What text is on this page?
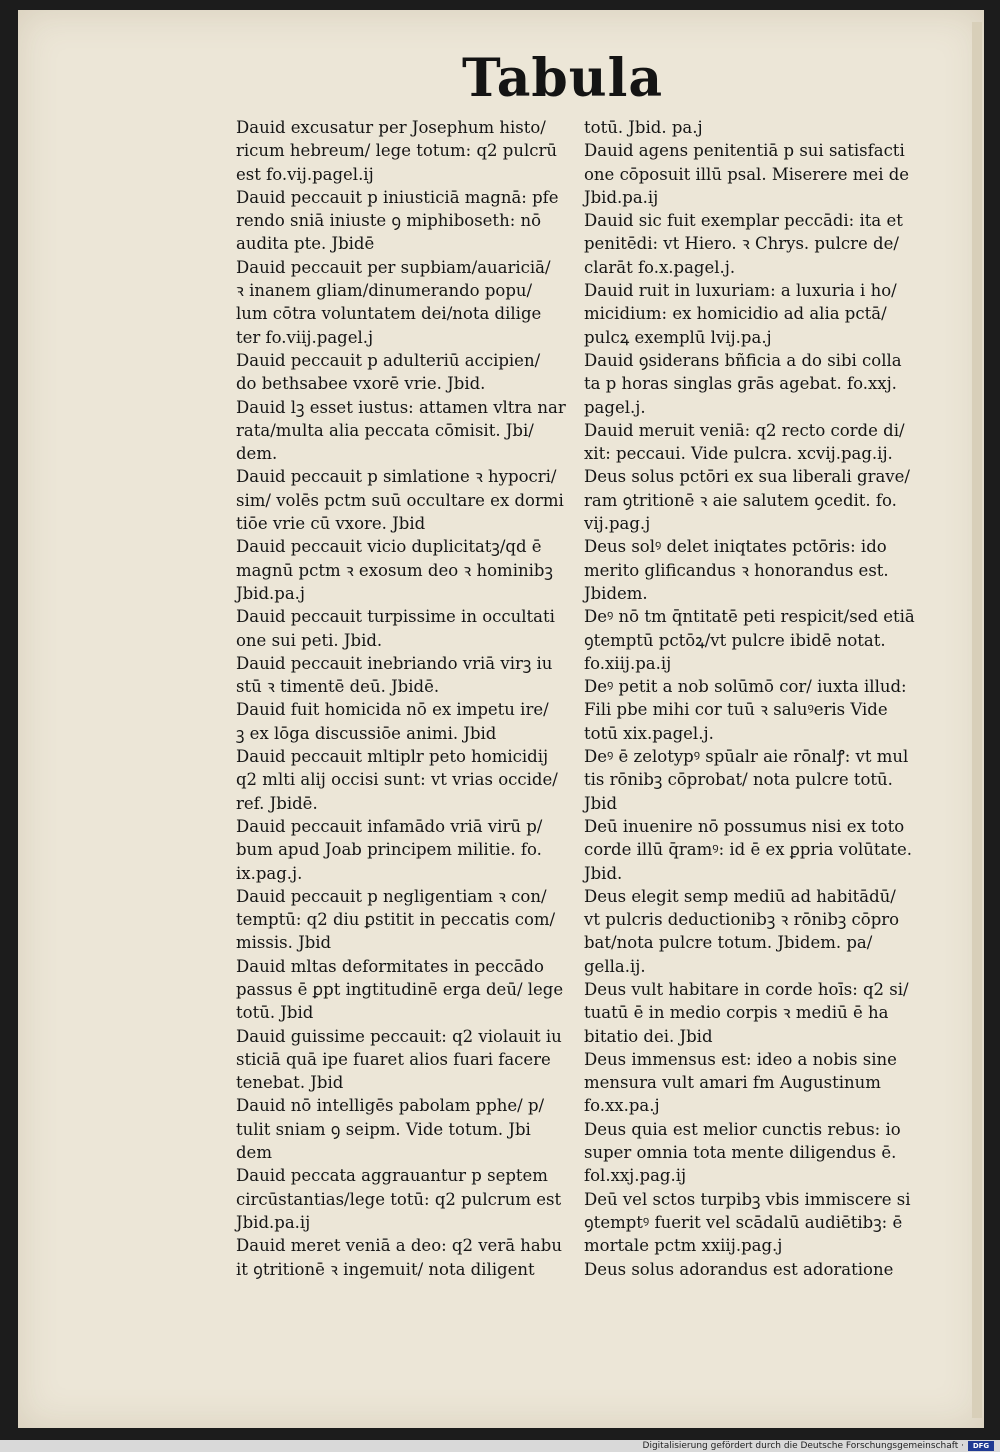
Tabula
Dauid excusatur per Josephum histo/
ricum hebreum/ lege totum: q2 pulcrū
est fo.vij.pagel.ij
Dauid peccauit p iniusticiā magnā: pfe
rendo sniā iniuste ꝯ miphiboseth: nō
audita pte. Jbidē
Dauid peccauit per supbiam/auariciā/
ꝛ inanem gliam/dinumerando popu/
lum cōtra voluntatem dei/nota dilige
ter fo.viij.pagel.j
Dauid peccauit p adulteriū accipien/
do bethsabee vxorē vrie. Jbid.
Dauid lꝫ esset iustus: attamen vltra nar
rata/multa alia peccata cōmisit. Jbi/
dem.
Dauid peccauit p simlatione ꝛ hypocri/
sim/ volēs pctm suū occultare ex dormi
tiōe vrie cū vxore. Jbid
Dauid peccauit vicio duplicitatꝫ/qd ē
magnū pctm ꝛ exosum deo ꝛ hominibꝫ
Jbid.pa.j
Dauid peccauit turpissime in occultati
one sui peti. Jbid.
Dauid peccauit inebriando vriā virꝫ iu
stū ꝛ timentē deū. Jbidē.
Dauid fuit homicida nō ex impetu ire/
ꝫ ex lōga discussiōe animi. Jbid
Dauid peccauit mltiplr peto homicidij
q2 mlti alij occisi sunt: vt vrias occide/
ref. Jbidē.
Dauid peccauit infamādo vriā virū p/
bum apud Joab principem militie. fo.
ix.pag.j.
Dauid peccauit p negligentiam ꝛ con/
temptū: q2 diu ꝑstitit in peccatis com/
missis. Jbid
Dauid mltas deformitates in peccādo
passus ē ꝑpt ingtitudinē erga deū/ lege
totū. Jbid
Dauid guissime peccauit: q2 violauit iu
sticiā quā ipe fuaret alios fuari facere
tenebat. Jbid
Dauid nō intelligēs pabolam pphe/ p/
tulit sniam ꝯ seipm. Vide totum. Jbi
dem
Dauid peccata aggrauantur p septem
circūstantias/lege totū: q2 pulcrum est
Jbid.pa.ij
Dauid meret veniā a deo: q2 verā habu
it ꝯtritionē ꝛ ingemuit/ nota diligent
totū. Jbid. pa.j
Dauid agens penitentiā p sui satisfacti
one cōposuit illū psal. Miserere mei de
Jbid.pa.ij
Dauid sic fuit exemplar peccādi: ita et
penitēdi: vt Hiero. ꝛ Chrys. pulcre de/
clarāt fo.x.pagel.j.
Dauid ruit in luxuriam: a luxuria i ho/
micidium: ex homicidio ad alia pctā/
pulcꝝ exemplū lvij.pa.j
Dauid ꝯsiderans bñficia a do sibi colla
ta p horas singlas grās agebat. fo.xxj.
pagel.j.
Dauid meruit veniā: q2 recto corde di/
xit: peccaui. Vide pulcra. xcvij.pag.ij.
Deus solus pctōri ex sua liberali grave/
ram ꝯtritionē ꝛ aie salutem ꝯcedit. fo.
vij.pag.j
Deus solꝰ delet iniqtates pctōris: ido
merito glificandus ꝛ honorandus est.
Jbidem.
Deꝰ nō tm q̄ntitatē peti respicit/sed etiā
ꝯtemptū pctōꝝ/vt pulcre ibidē notat.
fo.xiij.pa.ij
Deꝰ petit a nob solūmō cor/ iuxta illud:
Fili pbe mihi cor tuū ꝛ saluꝰeris Vide
totū xix.pagel.j.
Deꝰ ē zelotypꝰ spūalr aie rōnalꝭ: vt mul
tis rōnibꝫ cōprobat/ nota pulcre totū.
Jbid
Deū inuenire nō possumus nisi ex toto
corde illū q̄ramꝰ: id ē ex ꝑpria volūtate.
Jbid.
Deus elegit semp mediū ad habitādū/
vt pulcris deductionibꝫ ꝛ rōnibꝫ cōpro
bat/nota pulcre totum. Jbidem. pa/
gella.ij.
Deus vult habitare in corde hoīs: q2 si/
tuatū ē in medio corpis ꝛ mediū ē ha
bitatio dei. Jbid
Deus immensus est: ideo a nobis sine
mensura vult amari fm Augustinum
fo.xx.pa.j
Deus quia est melior cunctis rebus: io
super omnia tota mente diligendus ē.
fol.xxj.pag.ij
Deū vel sctos turpibꝫ vbis immiscere si
ꝯtemptꝰ fuerit vel scādalū audiētibꝫ: ē
mortale pctm xxiij.pag.j
Deus solus adorandus est adoratione
Digitalisierung gefördert durch die Deutsche Forschungsgemeinschaft ·	DFG
